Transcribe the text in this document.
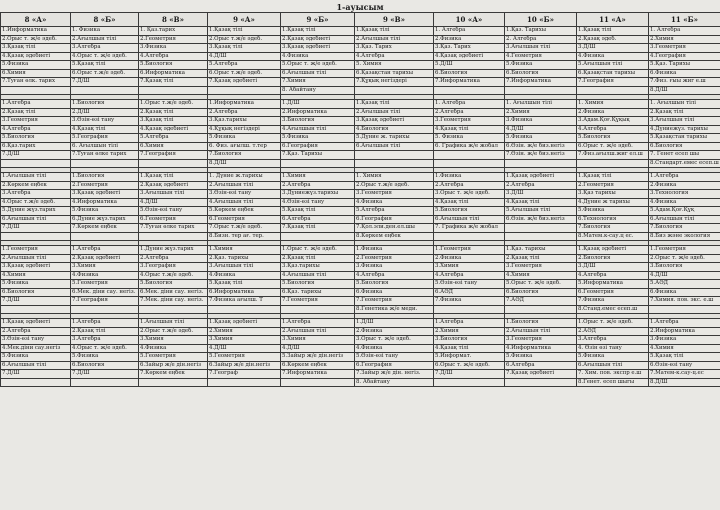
1-ауысым
8 «А»	8 «Б»	8 «В»	9 «А»	9 «Б»	9 «В»	10 «А»	10 «Б»	11 «А»	11 «Б»
1.Информатика	1. Физика	1. Қаз.тарих	1.Қазақ тілі	1.Қазақ тілі	1.Қазақ тілі	1. Алгебра	1.Қаз. Тарихы	1.Қазақ тілі	1. Алгебра
2.Орыс т. ж/е әдеб.	2.Ағылшын тілі	2.Геометрия	2.Орыс т.ж/е әдеб.	2.Қазақ әдебиеті	2.Ағылшын тілі	2.Физика	2. Алгебра	2.Қазақ әдеб.	2.Химия
3.Қазақ тілі	3.Алгебра	3.Физика	3.Қазақ тілі	3.Қазақ әдебиеті	3.Қаз. Тарих	3.Қаз. Тарих	3.Ағылшын тілі	3.Д/Ш	3.Геометрия
4.Қазақ әдебиеті	4.Орыс т. ж/е әдеб.	4.Алгебра	4.Д/Ш	4.Физика	4.Алгебра	4.Қазақ әдебиеті	4.Геометрия	4.Физика	4.География
5.Физика	5.Қазақ тілі	5.Биология	5.Алгебра	5.Орыс т. ж/е әдеб.	5. Химия	5.Д/Ш	5.Физика	5.Ағылшын тілі	5.Қаз. Тарихы
6.Химия	6.Орыс т.ж/е әдеб.	6.Информатика	6.Орыс т.ж/е әдеб.	6.Ағылшын тілі	6.Қазақстан тарихы	6.Биология	6.Биология	6.Қазақстан тарихы	6.Физика
7.Туған өлк. тарих	7.Д/Ш	7.Қазақ тілі	7.Қазақ әдебиеті	7.Химия	7.Құқық негіздері	7.Информатика	7.Информатика	7.География	7.Физ. ғыы жиг е.ш
				8. Абайтану					8.Д/Ш

1.Алгебра	1.Биология	1.Орыс т.ж/е әдеб.	1.Информатика	1.Д/Ш	1.Қазақ тілі	1. Алгебра	1. Ағылшын тілі	1. Химия	1. Ағылшын тілі
2.Қазақ тілі	2.Д/Ш	2.Қазақ тілі	2.Алгебра	2.Информатика	2.Ағылшын тілі	2.Алгебра	2.Химия	2.Физика	2.Қазақ тілі
3.Геометрия	3.Өзін-өзі тану	3.Қазақ тілі	3.Қаз.тарихы	3.Биология	3.Қазақ әдебиеті	3.Геометрия	3.Физика	3.Адам.Қоғ.Құқық	3.Ағылшын тілі
4.Алгебра	4.Қазақ тілі	4.Қазақ әдебиеті	4.Құқық негіздері	4.Ағылшын тілі	4.Биология	4.Қазақ тілі	4.Д/Ш	4.Алгебра	4.Дүниежүз. тарихы
5.Биология	5.География	5.Алгебра	5.Физика	5.Физика	5.Дүние ж. тарихы	5. Физика	5.Физика	5.Биология	5.Қазақстан тарихы
6.Қаз.тарих	6. Ағылшын тілі	6.Химия	6. Физ. ағылш. т.тер	6.География	6.Ағылшын тілі	6. Графика ж/е жобал	6.Өзін. ж/е биз.негіз	6.Орыс т. ж/е әдеб.	6.Биология
7.Д/Ш	7.Туған өлке тарих	7.География	7.Биология	7.Қаз. Тарихы			7.Өзін. ж/е биз.негіз	7.Физ.ағылш.жиг ел.ш	7. Генет есеп шы
			8.Д/Ш						8.Стандарт.емес есеп.ш

1.Ағылшын тілі	1.Биология	1.Қазақ тілі	1. Дүние ж.тарихы	1.Химия	1. Химия	1.Физика	1.Қазақ әдебиеті	1.Қазақ тілі	1.Алгебра
2.Көркем еңбек	2.Геометрия	2.Қазақ әдебиеті	2.Ағылшын тілі	2.Алгебра	2.Орыс т.ж/е әдеб.	2.Алгебра	2.Алгебра	2.Геометрия	2.Физика
3.Алгебра	3.Қазақ әдебиеті	3.Ағылшын тілі	3.Өзін-өзі тану	3.Дүниежүз.тарихы	3.Геометрия	3.Орыс т. ж/е әдеб.	3.Д/Ш	3.Қаз тарихы	3.Технология
4.Орыс т.ж/е әдеб.	4.Информатика	4.Д/Ш	4.Ағылшын тілі	4.Өзін-өзі тану	4.Физика	4.Қазақ тілі	4.Қазақ тілі	4.Дүние ж тарихы	4.Физика
5.Дүние жүз.тарих	5.Физика	5.Өзін-өзі тану	5.Көркем еңбек	5.Қазақ тілі	5.Алгебра	5.Биология	5.Ағылшын тілі	5.Физика	5.Адам.Қоғ.Құқ
6.Ағылшын тілі	6.Дүние жүз.тарих	6.Геометрия	6.Геометрия	6.Алгебра	6.География	6.Ағылшын тілі	6.Өзін. ж/е биз.негіз	6.Технология	6.Ағылшын тілі
7.Д/Ш	7.Көркем еңбек	7.Туған өлке тарих	7.Орыс т.ж/е әдеб.	7.Қазақ тілі	7.Қол.эли.ден.ел.шы	7. Графика ж/е жобал		7.Биология	7.Биология
			8.Бизн. тер ағ. тер.		8.Көркем еңбек			8.Матем.к-сау.ц ес.	8.Биз және экология

1.Геометрия	1.Алгебра	1.Дүние жүз.тарих	1.Химия	1.Орыс т. ж/е әдеб.	1.Физика	1.Геометрия	1.Қаз. тарихы	1.Қазақ әдебиеті	1.Геометрия
2.Ағылшын тілі	2.Қазақ әдебиеті	2.Алгебра	2.Қаз. тарихы	2.Қазақ тілі	2.Геометрия	2.Физика	2.Қазақ тілі	2.Биология	2.Орыс т. ж/е әдеб.
3.Қазақ әдебиеті	3.Химия	3.География	3.Ағылшын тілі	3.Қаз.тарихы	3.Физика	3.Химия	3.Геометрия	3.Д/Ш	3.Биология
4.Химия	4.Физика	4.Орыс т.ж/е әдеб.	4.Физика	4.Ағылшын тілі	4.Алгебра	4.Алгебра	4.Химия	4.Алгебра	4.Д/Ш
5.Физика	5.Геометрия	5.Биология	5.Қазақ тілі	5.Биология	5.Биология	5.Өзін-өзі тану	5.Орыс т. ж/е әдеб.	5.Информатика	5.АӘД
6.Биология	6.Мек. діни сау. негіз.	6.Мек. діни сау. негіз.	6.Информатика	6.Қаз. тарихы	6.Физика	6.АӘД	6.Биология	6.Геометрия	6.Физика
7.Д/Ш	7.География	7.Мек. діни сау. негіз.	7.Физика ағылш. Т	7.Геометрия	7.Геометрия	7.Физика	7.АӘД	7.Физика	7.Химия. пов. экс. е.ш
					8.Генетика ж/е меди.			8.Станд.емес есеп.ш	

1.Қазақ әдебиеті	1.Алгебра	1.Ағылшын тілі	1.Қазақ әдебиеті	1.Алгебра	1.Д/Ш	1.Алгебра	1.Биология	1.Орыс т. ж/е әдеб.	1.Алгебра
2.Алгебра	2.Қазақ тілі	2.Орыс т.ж/е әдеб.	2.Химия	2.Ағылшын тілі	2.Физика	2.Химия	2.Ағылшын тілі	2.АӘД	2.Информатика
3.Өзін-өзі тану	3.Алгебра	3.Химия	3.Химия	3.Химия	3.Орыс т. ж/е әдеб.	3.Биология	3.Геометрия	3.Алгебра	3.Физика
4.Мек.діни сау.негіз	4.Орыс т. ж/е әдеб.	4.Физика	4.Д/Ш	4.Д/Ш	4.Физика	4.Қазақ тілі	4.Информатика	4. Өзін өзі тану	4.Химия
5.Физика	5.Физика	5.Геометрия	5.Геометрия	5.Зайыр ж/е дін.негіз	5.Өзін-өзі тану	5.Информат.	5.Физика	5.Физика	5.Қазақ тілі
6.Ағылшын тілі	6.Биология	6.Зайыр ж/е дін.негіз	6.Зайыр ж/е дін.негіз	6.Көркем еңбек	6.География	6.Орыс т. ж/е әдеб.	6.Алгебра	6.Ағылшын тілі	6.Өзін-өзі тану
7.Д/Ш	7.Д/Ш	7.Көркем еңбек	7.Географ	7.Информатика	7.Зайыр ж/е дін. негіз.	7.Д/Ш	7.Қазақ әдебиеті	7. Хим. пов. экспр е.ш	7.Матем-к.сау-ц.ес
					8. Абайтану			8.Генет. есеп шыгы	8.Д/Ш
